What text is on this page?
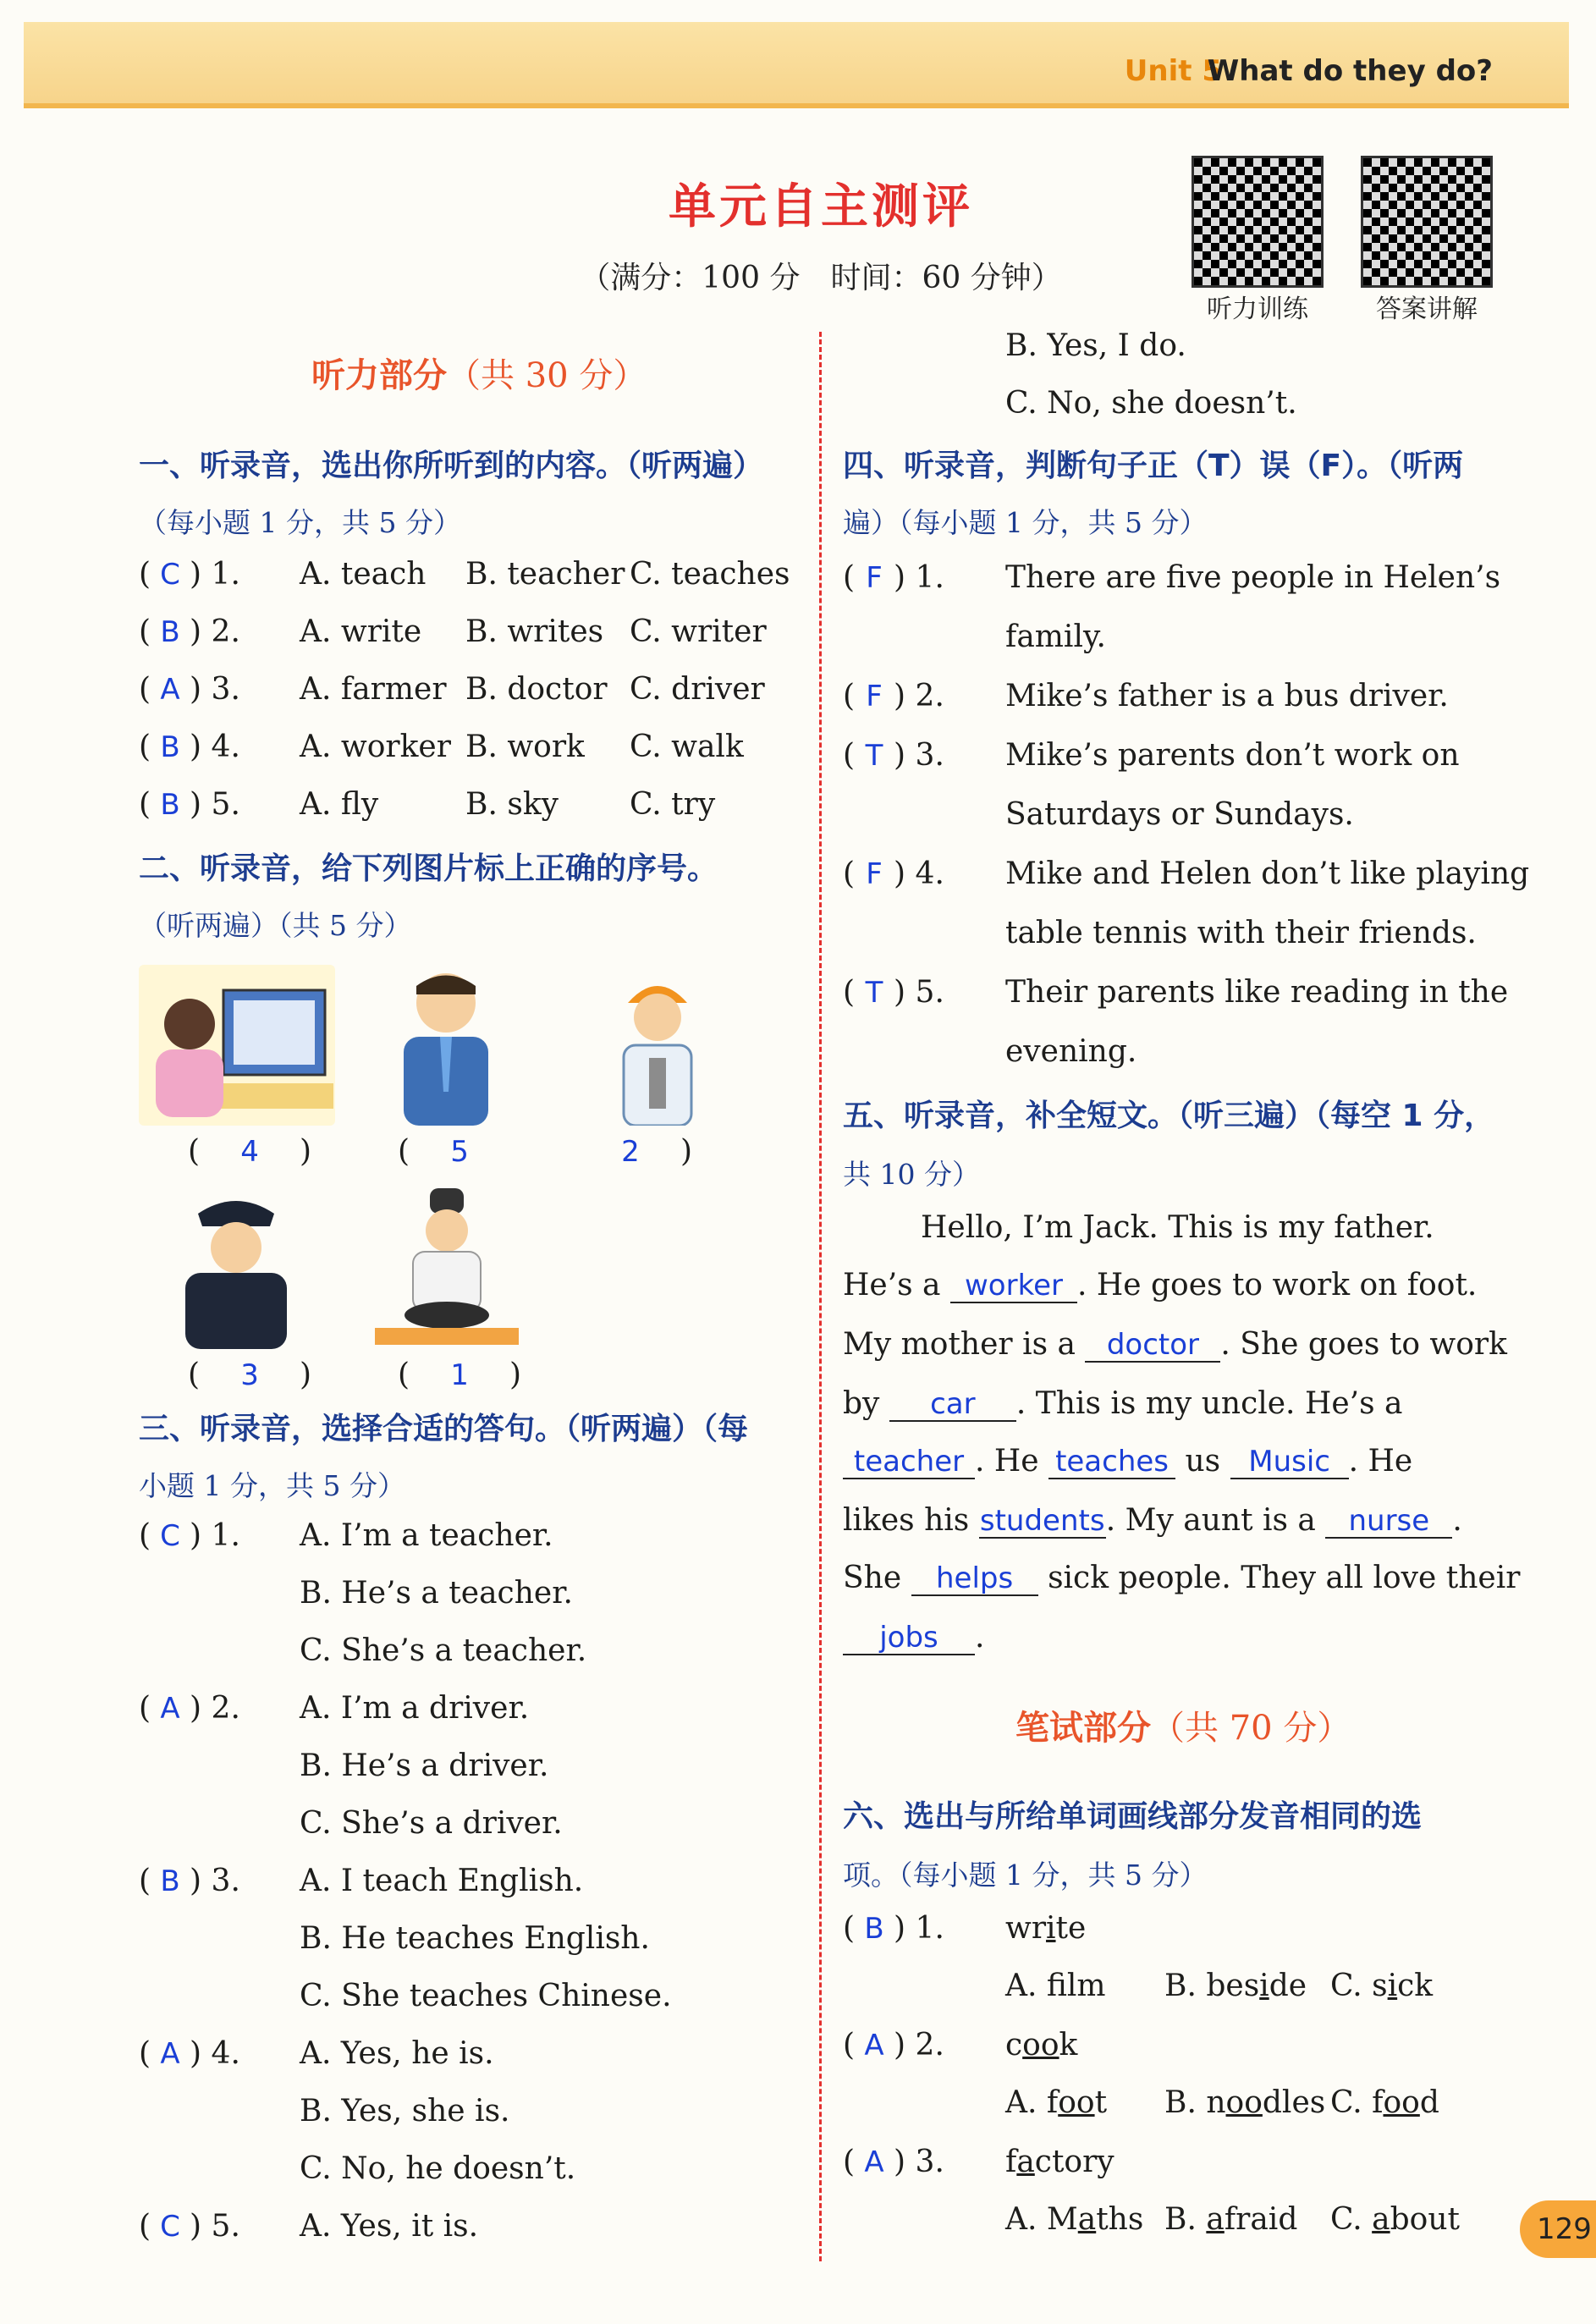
Unit 5
What do they do?
单元自主测评
（满分：100 分　时间：60 分钟）
听力训练	答案讲解
听力部分（共 30 分）
一、听录音，选出你所听到的内容。（听两遍）
（每小题 1 分，共 5 分）
( C ) 1. A. teach B. teacher C. teaches
( B ) 2. A. write B. writes C. writer
( A ) 3. A. farmer B. doctor C. driver
( B ) 4. A. worker B. work C. walk
( B ) 5. A. fly	B. sky C. try
二、听录音，给下列图片标上正确的序号。
（听两遍）（共 5 分）
(　4　)	(　5	2　)
(　3　)	(　1　)
三、听录音，选择合适的答句。（听两遍）（每
小题 1 分，共 5 分）
( C ) 1. A. I’m a teacher.
B. He’s a teacher.
C. She’s a teacher.
( A ) 2. A. I’m a driver.
B. He’s a driver.
C. She’s a driver.
( B ) 3. A. I teach English.
B. He teaches English.
C. She teaches Chinese.
( A ) 4. A. Yes, he is.
B. Yes, she is.
C. No, he doesn’t.
( C ) 5. A. Yes, it is.
B. Yes, I do.
C. No, she doesn’t.
四、听录音，判断句子正（T）误（F）。（听两
遍）（每小题 1 分，共 5 分）
( F ) 1. There are five people in Helen’s
family.
( F ) 2. Mike’s father is a bus driver.
( T ) 3. Mike’s parents don’t work on
Saturdays or Sundays.
( F ) 4. Mike and Helen don’t like playing
table tennis with their friends.
( T ) 5. Their parents like reading in the
evening.
五、听录音，补全短文。（听三遍）（每空 1 分，
共 10 分）
Hello, I’m Jack. This is my father.
He’s a worker . He goes to work on foot.
My mother is a doctor . She goes to work
by car . This is my uncle. He’s a
teacher . He teaches us Music . He
likes his students. My aunt is a nurse .
She helps sick people. They all love their
jobs .
笔试部分（共 70 分）
六、选出与所给单词画线部分发音相同的选
项。（每小题 1 分，共 5 分）
( B ) 1. write
A. flm B. beside C. sick
( A ) 2. cook
A. foot B. noodles C. food
( A ) 3. factory
A. Maths B. afraid C. about	129
